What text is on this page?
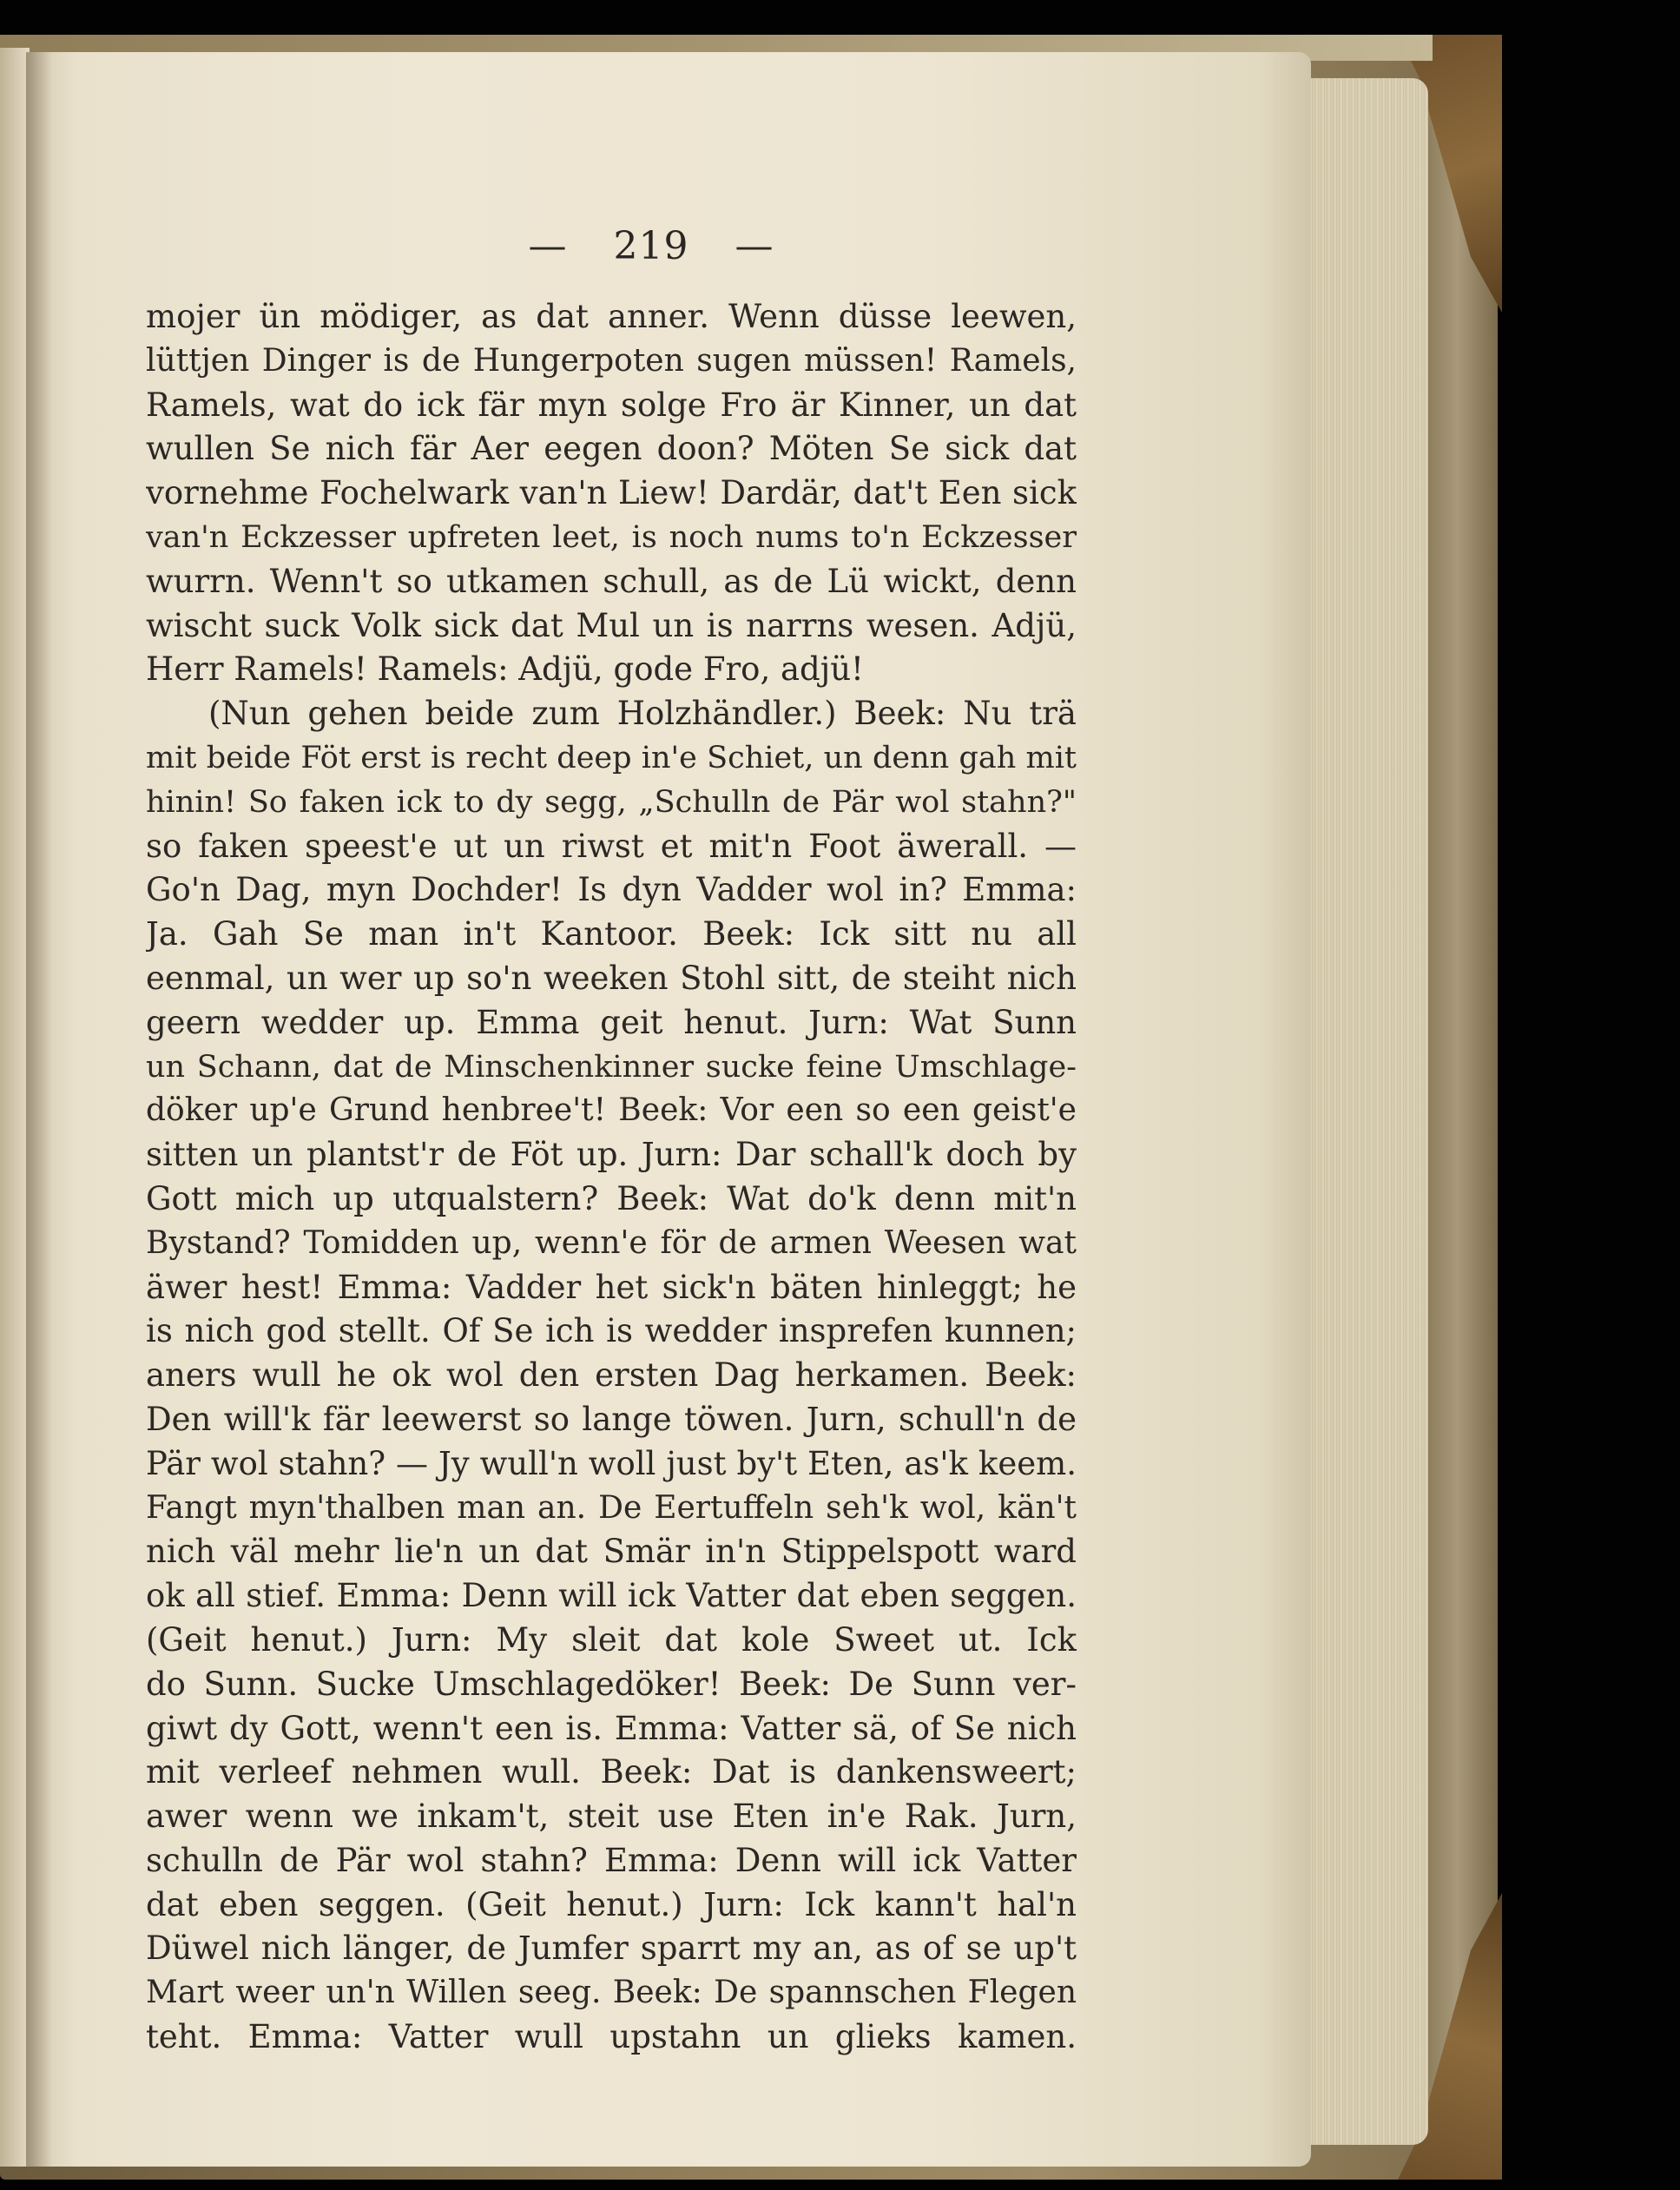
— 219 —
mojer ün mödiger, as dat anner. Wenn düsse leewen,
lüttjen Dinger is de Hungerpoten sugen müssen! Ramels,
Ramels, wat do ick fär myn solge Fro är Kinner, un dat
wullen Se nich fär Aer eegen doon? Möten Se sick dat
vornehme Fochelwark van'n Liew! Dardär, dat't Een sick
van'n Eckzesser upfreten leet, is noch nums to'n Eckzesser
wurrn. Wenn't so utkamen schull, as de Lü wickt, denn
wischt suck Volk sick dat Mul un is narrns wesen. Adjü,
Herr Ramels! Ramels: Adjü, gode Fro, adjü!
(Nun gehen beide zum Holzhändler.) Beek: Nu trä
mit beide Föt erst is recht deep in'e Schiet, un denn gah mit
hinin! So faken ick to dy segg, „Schulln de Pär wol stahn?"
so faken speest'e ut un riwst et mit'n Foot äwerall. —
Go'n Dag, myn Dochder! Is dyn Vadder wol in? Emma:
Ja. Gah Se man in't Kantoor. Beek: Ick sitt nu all
eenmal, un wer up so'n weeken Stohl sitt, de steiht nich
geern wedder up. Emma geit henut. Jurn: Wat Sunn
un Schann, dat de Minschenkinner sucke feine Umschlage-
döker up'e Grund henbree't! Beek: Vor een so een geist'e
sitten un plantst'r de Föt up. Jurn: Dar schall'k doch by
Gott mich up utqualstern? Beek: Wat do'k denn mit'n
Bystand? Tomidden up, wenn'e för de armen Weesen wat
äwer hest! Emma: Vadder het sick'n bäten hinleggt; he
is nich god stellt. Of Se ich is wedder insprefen kunnen;
aners wull he ok wol den ersten Dag herkamen. Beek:
Den will'k fär leewerst so lange töwen. Jurn, schull'n de
Pär wol stahn? — Jy wull'n woll just by't Eten, as'k keem.
Fangt myn'thalben man an. De Eertuffeln seh'k wol, kän't
nich väl mehr lie'n un dat Smär in'n Stippelspott ward
ok all stief. Emma: Denn will ick Vatter dat eben seggen.
(Geit henut.) Jurn: My sleit dat kole Sweet ut. Ick
do Sunn. Sucke Umschlagedöker! Beek: De Sunn ver-
giwt dy Gott, wenn't een is. Emma: Vatter sä, of Se nich
mit verleef nehmen wull. Beek: Dat is dankensweert;
awer wenn we inkam't, steit use Eten in'e Rak. Jurn,
schulln de Pär wol stahn? Emma: Denn will ick Vatter
dat eben seggen. (Geit henut.) Jurn: Ick kann't hal'n
Düwel nich länger, de Jumfer sparrt my an, as of se up't
Mart weer un'n Willen seeg. Beek: De spannschen Flegen
teht. Emma: Vatter wull upstahn un glieks kamen.
